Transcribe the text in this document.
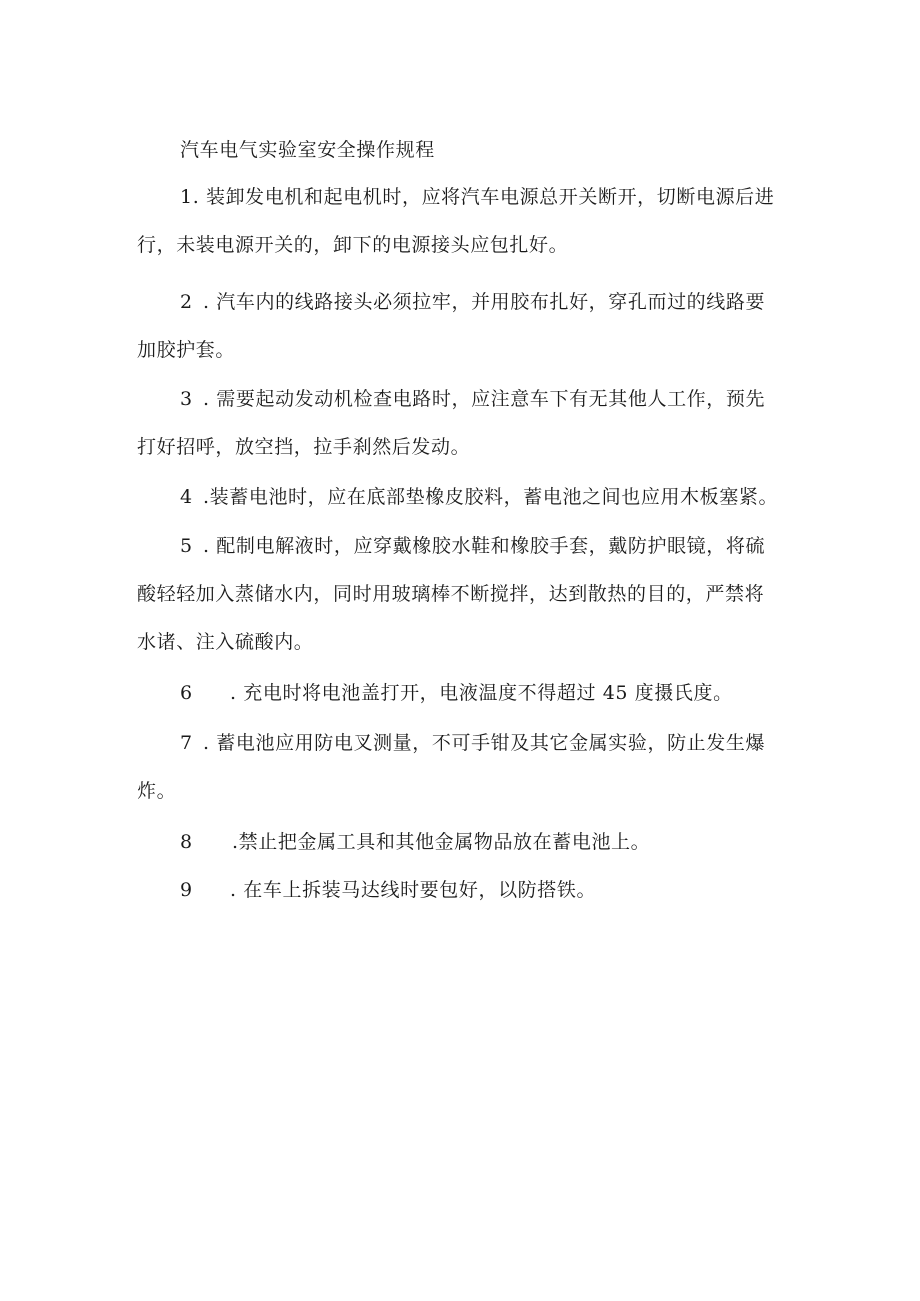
汽车电气实验室安全操作规程
1. 装卸发电机和起电机时，应将汽车电源总开关断开，切断电源后进
行，未装电源开关的，卸下的电源接头应包扎好。
2 . 汽车内的线路接头必须拉牢，并用胶布扎好，穿孔而过的线路要
加胶护套。
3 . 需要起动发动机检查电路时，应注意车下有无其他人工作，预先
打好招呼，放空挡，拉手刹然后发动。
4 .装蓄电池时，应在底部垫橡皮胶料，蓄电池之间也应用木板塞紧。
5 . 配制电解液时，应穿戴橡胶水鞋和橡胶手套，戴防护眼镜，将硫
酸轻轻加入蒸储水内，同时用玻璃棒不断搅拌，达到散热的目的，严禁将
水诸、注入硫酸内。
6 . 充电时将电池盖打开，电液温度不得超过 45 度摄氏度。
7 . 蓄电池应用防电叉测量，不可手钳及其它金属实验，防止发生爆
炸。
8 .禁止把金属工具和其他金属物品放在蓄电池上。
9 . 在车上拆装马达线时要包好，以防搭铁。
